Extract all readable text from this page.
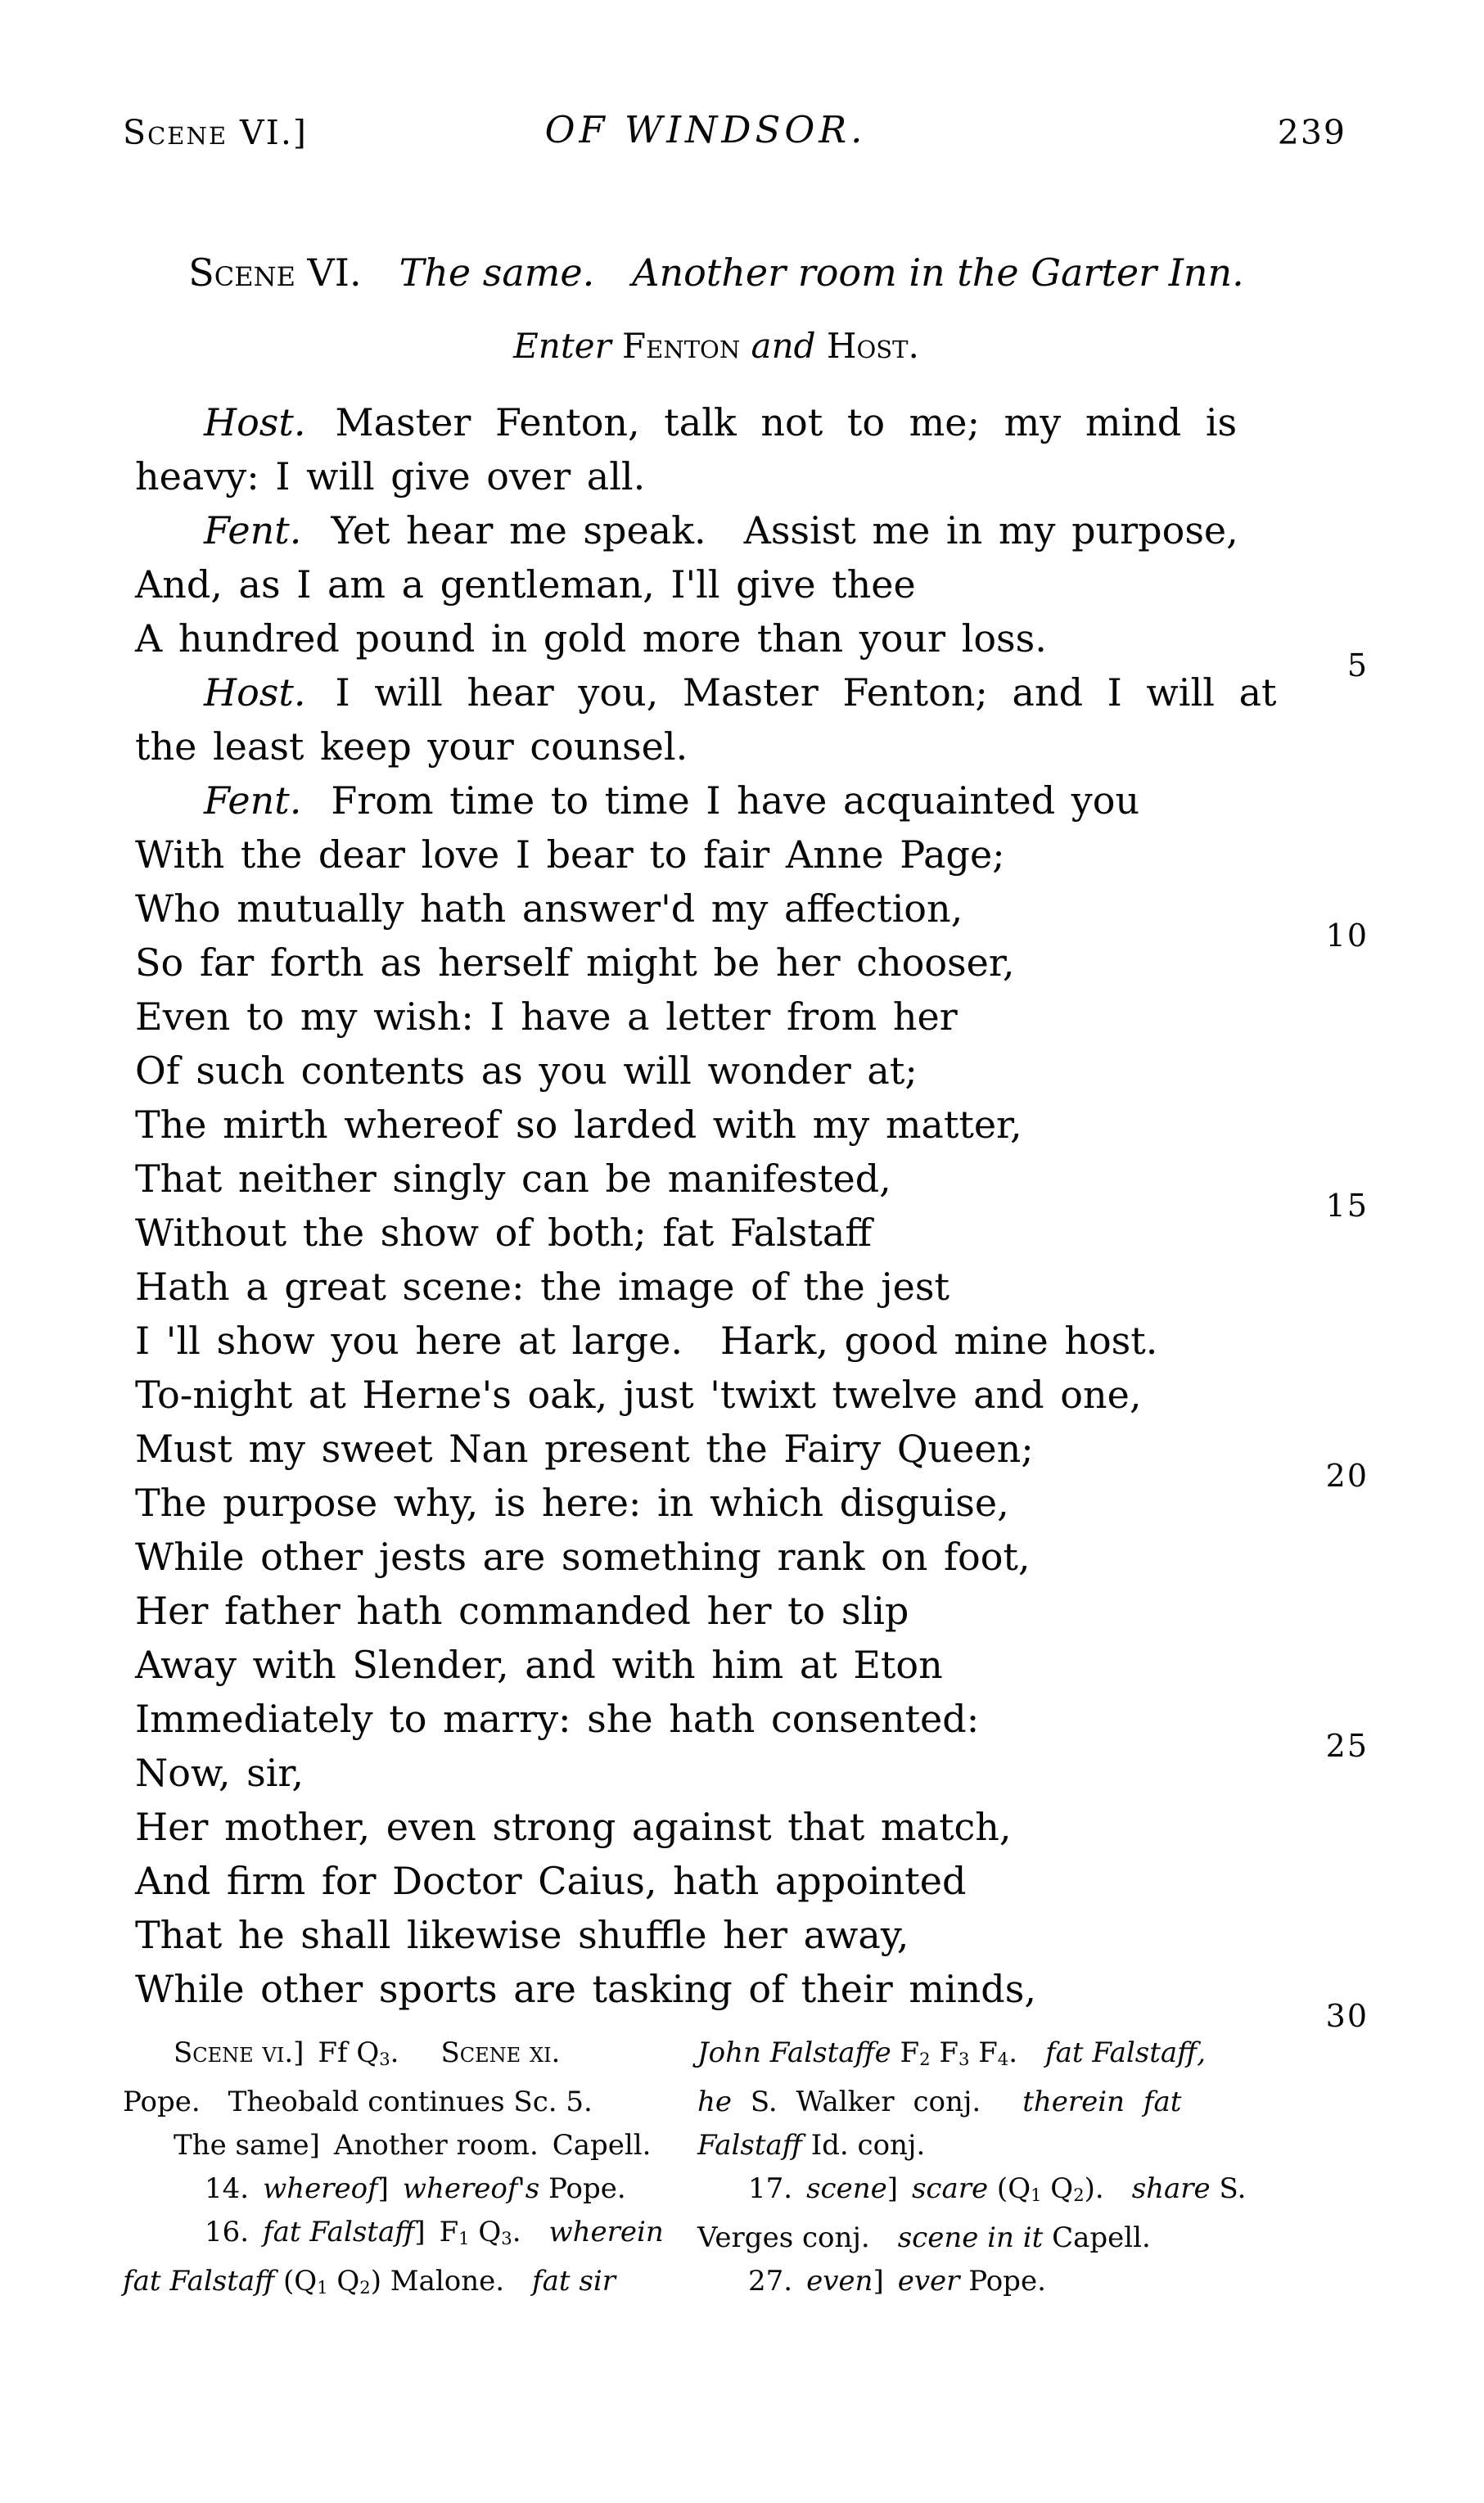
Scene VI.]	OF WINDSOR.	239
Scene VI.  The same.  Another room in the Garter Inn.
Enter Fenton and Host.
Host. Master Fenton, talk not to me; my mind is
heavy: I will give over all.
Fent. Yet hear me speak. Assist me in my purpose,
And, as I am a gentleman, I'll give thee
A hundred pound in gold more than your loss.
Host. I will hear you, Master Fenton; and I will at
5
the least keep your counsel.
Fent. From time to time I have acquainted you
With the dear love I bear to fair Anne Page;
Who mutually hath answer'd my affection,
So far forth as herself might be her chooser,
10
Even to my wish: I have a letter from her
Of such contents as you will wonder at;
The mirth whereof so larded with my matter,
That neither singly can be manifested,
Without the show of both; fat Falstaff
15
Hath a great scene: the image of the jest
I 'll show you here at large. Hark, good mine host.
To-night at Herne's oak, just 'twixt twelve and one,
Must my sweet Nan present the Fairy Queen;
The purpose why, is here: in which disguise,
20
While other jests are something rank on foot,
Her father hath commanded her to slip
Away with Slender, and with him at Eton
Immediately to marry: she hath consented:
Now, sir,
25
Her mother, even strong against that match,
And firm for Doctor Caius, hath appointed
That he shall likewise shuffle her away,
While other sports are tasking of their minds,
30
Scene vi.] Ff $Q_3$.  Scene xi.
Pope. Theobald continues Sc. 5.
The same] Another room. Capell.
14. whereof] whereof's Pope.
16. fat Falstaff] $F_1$ $Q_3$. wherein
fat Falstaff ($Q_1$ $Q_2$) Malone. fat sir
John Falstaffe $F_2$ $F_3$ $F_4$. fat Falstaff,
he S. Walker conj.  therein fat
Falstaff Id. conj.
17. scene] scare ($Q_1$ $Q_2$). share S.
Verges conj. scene in it Capell.
27. even] ever Pope.
